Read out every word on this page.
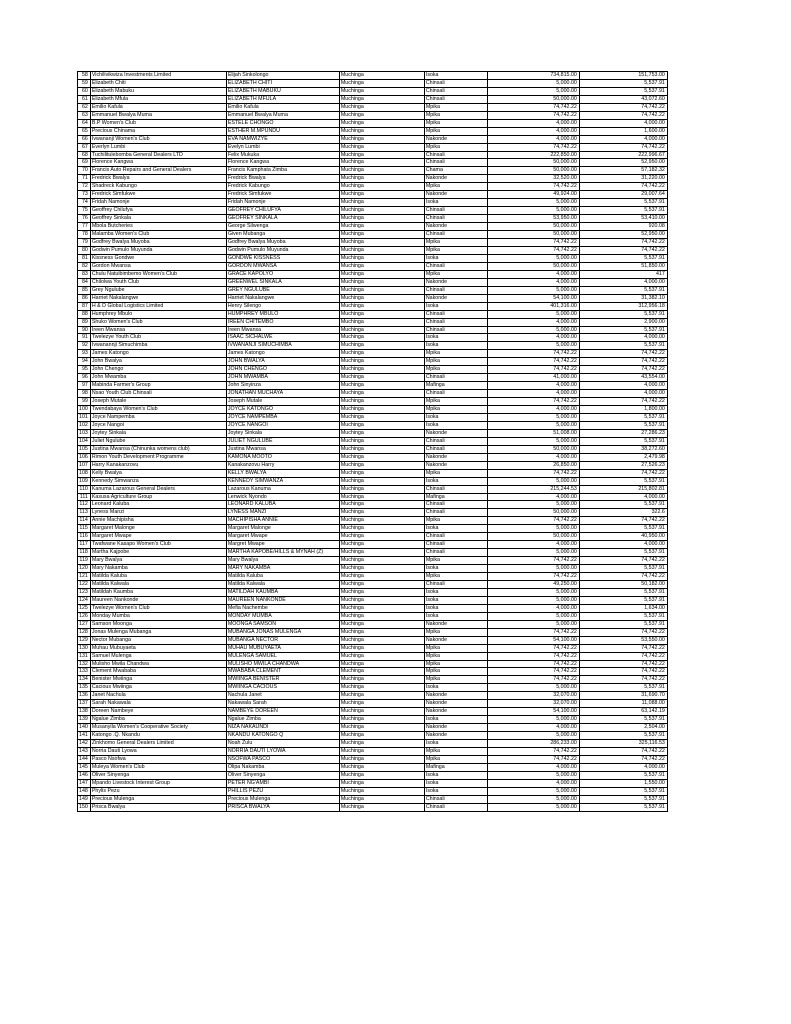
58	Vichilivikwiza Investments Limited	Elijah Sinkolongo	Muchinga	Isoka	734,815.00	151,753.00
59	Elizabeth Chiti	ELIZABETH CHITI	Muchinga	Chinsali	5,000.00	5,537.91
60	Elizabeth Mabuku	ELIZABETH MABUKU	Muchinga	Chinsali	5,000.00	5,537.91
61	Elizabeth Mfula	ELIZABETH MFULA	Muchinga	Chinsali	50,000.00	43,072.60
62	Emilio Kafula	Emilio Kafula	Muchinga	Mpika	74,742.22	74,742.22
63	Emmanuel Bwalya Muma	Emmanuel Bwalya Muma	Muchinga	Mpika	74,742.22	74,742.22
64	B.P Women's Club	ESTELE CHONGO	Muchinga	Mpika	4,000.00	4,000.00
65	Precious Chinama	ESTHER M.MPUNDU	Muchinga	Mpika	4,000.00	1,600.00
66	Ivwananji Women's Club	EVA NAMWIZYE	Muchinga	Nakonde	4,000.00	4,000.00
67	Everlyn Lumbi	Evelyn Lumbi	Muchinga	Mpika	74,742.22	74,742.22
68	Tuchilitulebomba General Dealers LTD	Felix Mukuka	Muchinga	Chinsali	222,850.00	222,996.67
69	Florence Kangwa	Florence Kangwa	Muchinga	Chinsali	50,000.00	52,950.00
70	Francis Auto Repairs and General Dealers	Francis Kamphata Zimba	Muchinga	Chama	50,000.00	57,182.32
71	Fredrick Bwalya	Fredrick Bwalya	Muchinga	Nakonde	32,520.00	31,220.00
72	Shadreck Kabungo	Fredrick Kabungo	Muchinga	Mpika	74,742.22	74,742.22
73	Fredrick Simfukwe	Fredrick Simfukwe	Muchinga	Nakonde	49,924.00	29,007.64
74	Fridah Namonje	Fridah Namonje	Muchinga	Isoka	5,000.00	5,537.91
75	Geoffrey Chilufya	GEOFREY CHILUFYA	Muchinga	Chinsali	5,000.00	5,537.91
76	Geoffrey Sinkala	GEOFREY SINKALA	Muchinga	Chinsali	53,950.00	53,410.00
77	Mbola Butcheries	George Silwenga	Muchinga	Nakonde	50,000.00	920.08
78	Malamba Women's Club	Given Mubanga	Muchinga	Chinsali	50,000.00	52,950.00
79	Godfrey Bwalya Muyoba	Godfrey Bwalya Muyoba	Muchinga	Mpika	74,742.22	74,742.22
80	Godwin Pumulo Muyunda	Godwin Pumulo Muyunda	Muchinga	Mpika	74,742.22	74,742.22
81	Kissness Gondwe	GONDWE KISSNESS	Muchinga	Isoka	5,000.00	5,537.91
82	Gordon Mwansa	GORDON MWANSA	Muchinga	Chinsali	50,000.00	51,850.00
83	Chulu Natuibimbemo Women's Club	GRACE KAPOLYO	Muchinga	Mpika	4,000.00	417
84	Chilolwa Youth Club	GREENWEL SINKALA	Muchinga	Nakonde	4,000.00	4,000.00
85	Grey Ngulube	GREY NGULUBE	Muchinga	Chinsali	5,000.00	5,537.91
86	Harriet Nakalangwe	Harriet Nakalangwe	Muchinga	Nakonde	54,100.00	31,382.10
87	H & D Global Logistics Limited	Henry Silengo	Muchinga	Isoka	401,316.00	312,956.18
88	Humphrey Mbulo	HUMPHREY MBULO	Muchinga	Chinsali	5,000.00	5,537.91
89	Shuko Women's Club	IREEN CHITEMBO	Muchinga	Chinsali	4,000.00	2,900.00
90	Ireen Mwansa	Ireen Mwansa	Muchinga	Chinsali	5,000.00	5,537.91
91	Twelezye Youth Club	ISAAC SICHALWE	Muchinga	Isoka	4,000.00	4,000.00
92	Ivwanannji Simuchimba	IVWANANJI SIMUCHIMBA	Muchinga	Isoka	5,000.00	5,537.91
93	James Katongo	James Katongo	Muchinga	Mpika	74,742.22	74,742.22
94	John Bwalya	JOHN BWALYA	Muchinga	Mpika	74,742.22	74,742.22
95	John Chengo	JOHN CHENGO	Muchinga	Mpika	74,742.22	74,742.22
96	John Mwamba	JOHN MWAMBA	Muchinga	Chinsali	41,000.00	43,554.00
97	Mabinda Farmer's Group	John Sinyinza	Muchinga	Mafinga	4,000.00	4,000.00
98	Nsao Youth Club Chinsali	JONATHAN MUCHAYA	Muchinga	Chinsali	4,000.00	4,000.00
99	Joseph Mutale	Joseph Mutale	Muchinga	Mpika	74,742.22	74,742.22
100	Twendabaya Women's Club	JOYCE KATONGO	Muchinga	Mpika	4,000.00	1,800.00
101	Joyce Nampemba	JOYCE NAMPEMBA	Muchinga	Isoka	5,000.00	5,537.91
102	Joyce Nangoi	JOYCE NANGOI	Muchinga	Isoka	5,000.00	5,537.91
103	Joytey Sinkala	Joytey Sinkala	Muchinga	Nakonde	51,008.00	27,286.23
104	Juliet Ngulube	JULIET NGULUBE	Muchinga	Chinsali	5,000.00	5,537.91
105	Justina Mwansa (Chinunka womens club)	Justina Mwansa	Muchinga	Chinsali	50,000.00	38,272.60
106	Rimon Youth Development Programme	KAMONA MOOTO	Muchinga	Nakonde	4,000.00	2,479.98
107	Harry Kanakanzovu	Kanakanzovu Harry	Muchinga	Nakonde	26,850.00	27,526.23
108	Kelly Bwalya	KELLY BWALYA	Muchinga	Mpika	74,742.22	74,742.22
109	Kennedy Simwanza	KENNEDY SIMWANZA	Muchinga	Isoka	5,000.00	5,537.91
110	Kanuma Lazarous General Dealers	Lazarous Kanuma	Muchinga	Chinsali	215,244.53	215,802.81
111	Kasusa Agriculture Group	Lenwick Nyondo	Muchinga	Mafinga	4,000.00	4,000.00
112	Leonard Kaluba	LEONARD KALUBA	Muchinga	Chinsali	5,000.00	5,537.91
113	Lyness Manzi	LYNESS MANZI	Muchinga	Chinsali	50,000.00	322.6
114	Annie Machipisha	MACHIPISHA ANNIE	Muchinga	Mpika	74,742.22	74,742.22
115	Margaret Malonge	Margaret Malonge	Muchinga	Isoka	5,000.00	5,537.91
116	Margaret Mwape	Margaret Mwape	Muchinga	Chinsali	50,000.00	40,950.00
117	Twafwane Kasapo Women's Club	Margret Mwape	Muchinga	Chinsali	4,000.00	4,000.00
118	Martha Kajpobe	MARTHA KAPOBE/HILLS & MYNAH (Z)	Muchinga	Chinsali	5,000.00	5,537.91
119	Mary Bwalya	Mary Bwalya	Muchinga	Mpika	74,742.22	74,742.22
120	Mary Nakamba	MARY NAKAMBA	Muchinga	Isoka	5,000.00	5,537.91
121	Matilda Kaluba	Matilda Kaluba	Muchinga	Mpika	74,742.22	74,742.22
122	Matilda Kalwala	Matilda Kalwala	Muchinga	Chinsali	49,250.00	50,182.00
123	Matildah Kaumba	MATILDAH KAUMBA	Muchinga	Isoka	5,000.00	5,537.91
124	Maureen Nankonde	MAUREEN NANKONDE	Muchinga	Isoka	5,000.00	5,537.91
125	Twelezye Women's Club	Mefia Nachembe	Muchinga	Isoka	4,000.00	1,634.00
126	Monday Mumba	MONDAY MUMBA	Muchinga	Isoka	5,000.00	5,537.91
127	Samson Moonga	MOONGA SAMSON	Muchinga	Nakonde	5,000.00	5,537.91
128	Jonas Mulenga Mubanga	MUBANGA JONAS MULENGA	Muchinga	Mpika	74,742.22	74,742.22
129	Nector Mubanga	MUBANGA NECTOR	Muchinga	Nakonde	54,100.00	53,550.00
130	Muhau Mubuyaeta	MUHAU MUBUYAETA	Muchinga	Mpika	74,742.22	74,742.22
131	Samuel Mulenga	MULENGA SAMUEL	Muchinga	Mpika	74,742.22	74,742.22
132	Mulisho Mwila Chandwa	MULISHO MWILA CHANDWA	Muchinga	Mpika	74,742.22	74,742.22
133	Clement Mwababa	MWABABA CLEMENT	Muchinga	Mpika	74,742.22	74,742.22
134	Benister Mwiinga	MWIINGA BENISTER	Muchinga	Mpika	74,742.22	74,742.22
135	Cacious Mwiinga	MWIINGA CACIOUS	Muchinga	Isoka	5,000.00	5,537.91
136	Janet Nachula	Nachula Janet	Muchinga	Nakonde	32,070.00	31,690.70
137	Sarah Nakawala	Nakawala Sarah	Muchinga	Nakonde	32,070.00	11,088.00
138	Doreen Nambeye	NAMBEYE DOREEN	Muchinga	Nakonde	54,100.00	63,142.19
139	Ngalue Zimba	Ngalue Zimba	Muchinga	Isoka	5,000.00	5,537.91
140	Musanyila Women's Cooperative Society	NIZA NAKAUNDI	Muchinga	Nakonde	4,000.00	2,504.00
141	Katongo .Q. Nkandu	NKANDU KATONGO Q	Muchinga	Nakonde	5,000.00	5,537.91
142	Zinkhomo General Dealers Limited	Noah Zulu	Muchinga	Isoka	286,233.00	325,116.53
143	Norria Dauti Lyowa	NORRIA DAUTI LYOWA	Muchinga	Mpika	74,742.22	74,742.22
144	Pasco Nsofwa	NSOFWA PASCO	Muchinga	Mpika	74,742.22	74,742.22
145	Muleya Women's Club	Olipa Nakamba	Muchinga	Mafinga	4,000.00	4,000.00
146	Oliver Sinyenga	Oliver Sinyenga	Muchinga	Isoka	5,000.00	5,537.91
147	Mpando Livestock Interest Group	PETER NG'AMBI	Muchinga	Isoka	4,000.00	1,550.00
148	Phylis Pezu	PHILLIS PEZU	Muchinga	Isoka	5,000.00	5,537.91
149	Precious Mulenga	Precious Mulenga	Muchinga	Chinsali	5,000.00	5,537.91
150	Prisca Bwalya	PRISCA BWALYA	Muchinga	Chinsali	5,000.00	5,537.91
